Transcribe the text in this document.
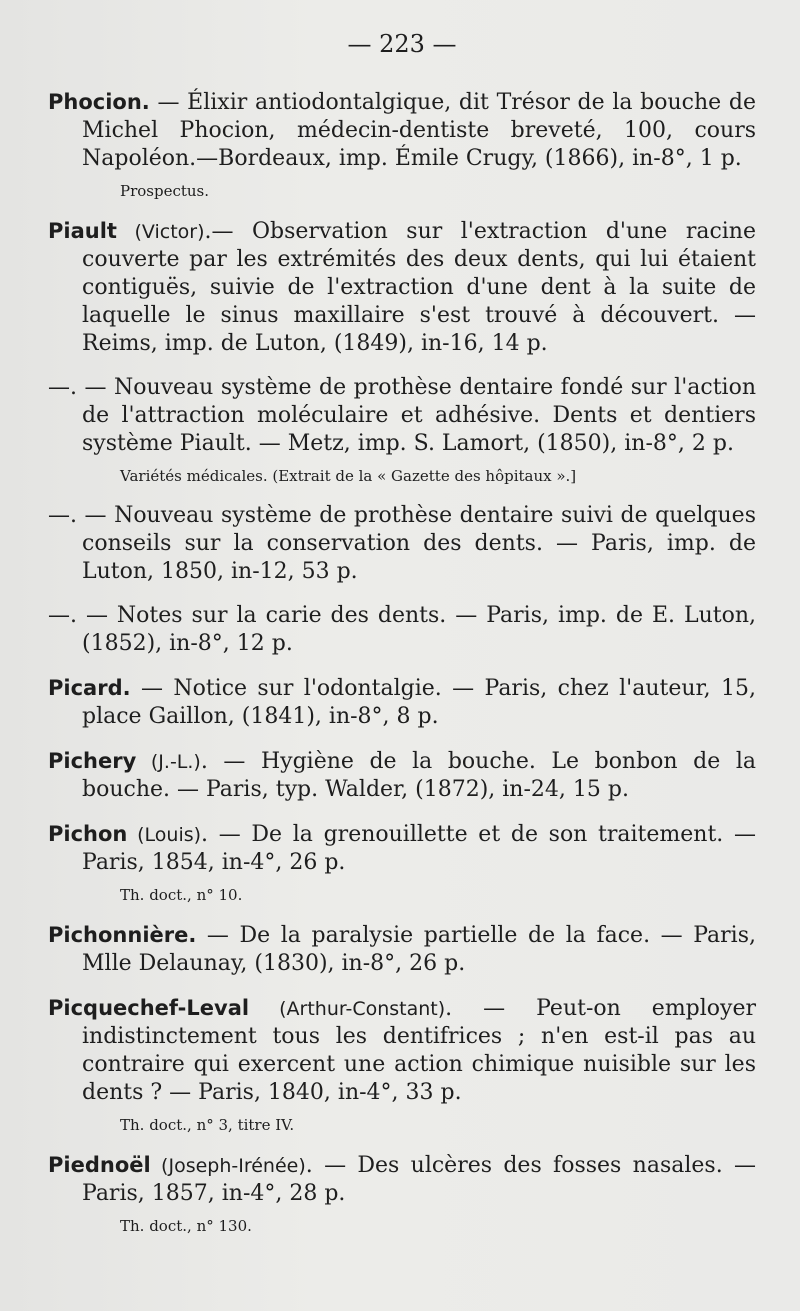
— 223 —
Phocion. — Élixir antiodontalgique, dit Trésor de la bouche de Michel Phocion, médecin-dentiste breveté, 100, cours Napoléon.—Bordeaux, imp. Émile Crugy, (1866), in-8°, 1 p.
Prospectus.
Piault (Victor).— Observation sur l'extraction d'une racine couverte par les extrémités des deux dents, qui lui étaient contiguës, suivie de l'extraction d'une dent à la suite de laquelle le sinus maxillaire s'est trouvé à découvert. — Reims, imp. de Luton, (1849), in-16, 14 p.
—. — Nouveau système de prothèse dentaire fondé sur l'action de l'attraction moléculaire et adhésive. Dents et dentiers système Piault. — Metz, imp. S. Lamort, (1850), in-8°, 2 p.
Variétés médicales. (Extrait de la « Gazette des hôpitaux ».]
—. — Nouveau système de prothèse dentaire suivi de quelques conseils sur la conservation des dents. — Paris, imp. de Luton, 1850, in-12, 53 p.
—. — Notes sur la carie des dents. — Paris, imp. de E. Luton, (1852), in-8°, 12 p.
Picard. — Notice sur l'odontalgie. — Paris, chez l'auteur, 15, place Gaillon, (1841), in-8°, 8 p.
Pichery (J.-L.). — Hygiène de la bouche. Le bonbon de la bouche. — Paris, typ. Walder, (1872), in-24, 15 p.
Pichon (Louis). — De la grenouillette et de son traitement. — Paris, 1854, in-4°, 26 p.
Th. doct., n° 10.
Pichonnière. — De la paralysie partielle de la face. — Paris, Mlle Delaunay, (1830), in-8°, 26 p.
Picquechef-Leval (Arthur-Constant). — Peut-on employer indistinctement tous les dentifrices ; n'en est-il pas au contraire qui exercent une action chimique nuisible sur les dents ? — Paris, 1840, in-4°, 33 p.
Th. doct., n° 3, titre IV.
Piednoël (Joseph-Irénée). — Des ulcères des fosses nasales. — Paris, 1857, in-4°, 28 p.
Th. doct., n° 130.
